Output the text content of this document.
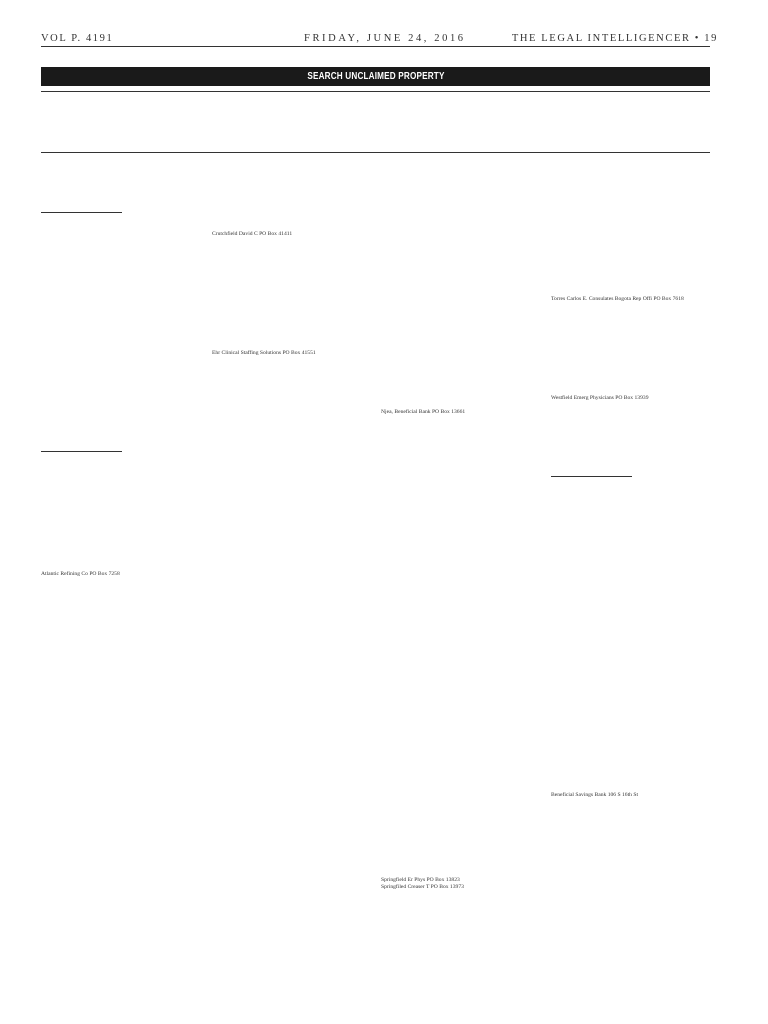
VOL P. 4191	FRIDAY, JUNE 24, 2016	THE LEGAL INTELLIGENCER • 19
SEARCH UNCLAIMED PROPERTY
Crutchfield David C PO Box 41411
Torres Carlos E. Consulates Bogota Rep Offi PO Box 7618
Ehr Clinical Staffing Solutions PO Box 41551
Westfield Emerg Physicians PO Box 13939
Njea, Beneficial Bank PO Box 13661
Atlantic Refining Co PO Box 7258
Beneficial Savings Bank 106 S 16th St
Springfield Er Phys PO Box 13823
Springfiled Creaser T PO Box 13973
